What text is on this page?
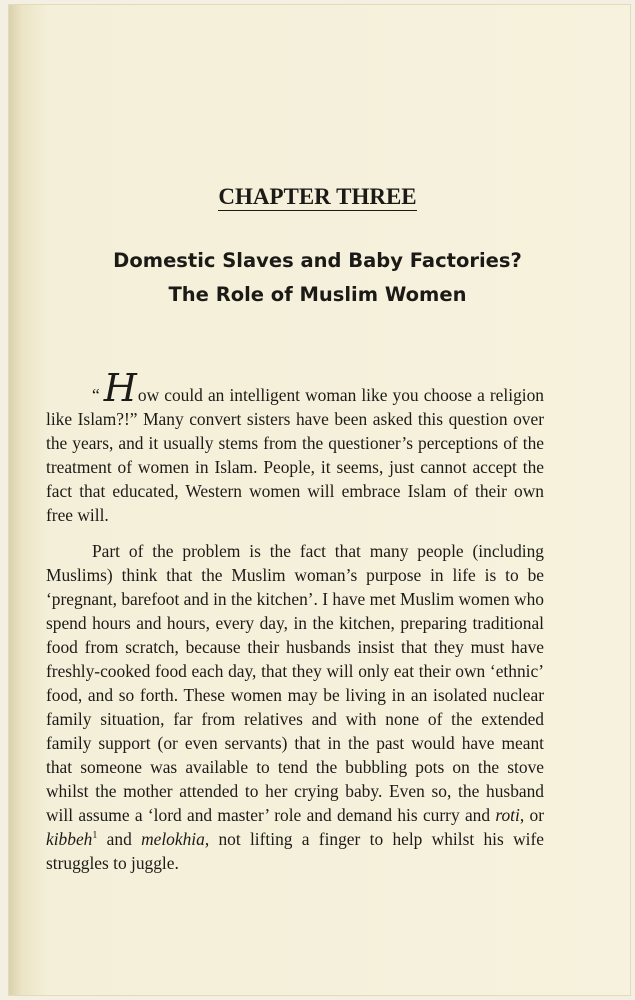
CHAPTER THREE
Domestic Slaves and Baby Factories?
The Role of Muslim Women

“ How could an intelligent woman like you choose a religion like Islam?!” Many convert sisters have been asked this question over the years, and it usually stems from the questioner’s perceptions of the treatment of women in Islam. People, it seems, just cannot accept the fact that educated, Western women will embrace Islam of their own free will.

Part of the problem is the fact that many people (including Muslims) think that the Muslim woman’s purpose in life is to be ‘pregnant, barefoot and in the kitchen’. I have met Muslim women who spend hours and hours, every day, in the kitchen, preparing traditional food from scratch, because their husbands insist that they must have freshly-cooked food each day, that they will only eat their own ‘ethnic’ food, and so forth. These women may be living in an isolated nuclear family situation, far from relatives and with none of the extended family support (or even servants) that in the past would have meant that someone was available to tend the bubbling pots on the stove whilst the mother attended to her crying baby. Even so, the husband will assume a ‘lord and master’ role and demand his curry and roti, or kibbeh$^1$ and melokhia, not lifting a finger to help whilst his wife struggles to juggle.
